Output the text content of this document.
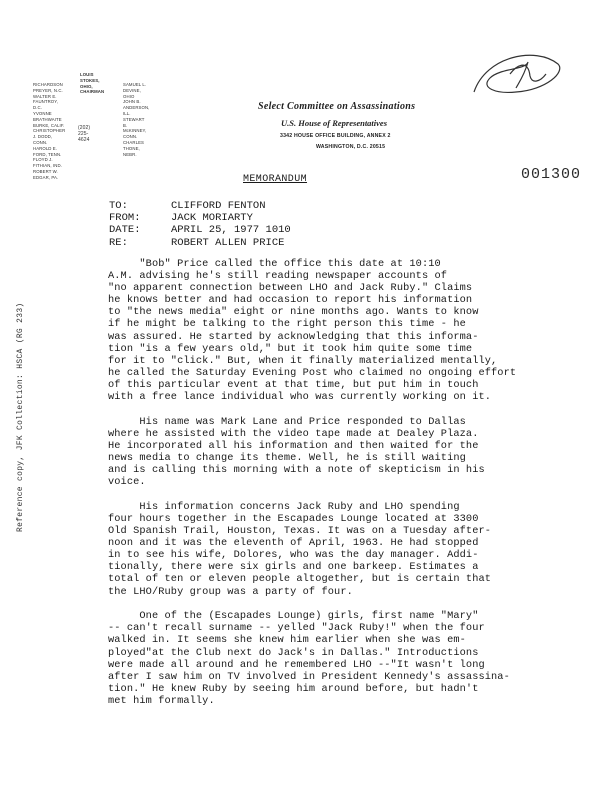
LOUIS STOKES, OHIO, CHAIRMAN
RICHARDSON PREYER, N.C.
WALTER E. FAUNTROY, D.C.
YVONNE BRATHWAITE BURKE, CALIF.
CHRISTOPHER J. DODD, CONN.
HAROLD E. FORD, TENN.
FLOYD J. FITHIAN, IND.
ROBERT W. EDGAR, PA.
SAMUEL L. DEVINE, OHIO
JOHN B. ANDERSON, ILL.
STEWART B. McKINNEY, CONN.
CHARLES THONE, NEBR.
(202) 225-4624
Select Committee on Assassinations
U.S. House of Representatives
3342 HOUSE OFFICE BUILDING, ANNEX 2
WASHINGTON, D.C. 20515
MEMORANDUM	001300
TO:	CLIFFORD FENTON
FROM:	JACK MORIARTY
DATE:	APRIL 25, 1977 1010
RE:	ROBERT ALLEN PRICE
"Bob" Price called the office this date at 10:10
A.M. advising he's still reading newspaper accounts of
"no apparent connection between LHO and Jack Ruby." Claims
he knows better and had occasion to report his information
to "the news media" eight or nine months ago. Wants to know
if he might be talking to the right person this time - he
was assured. He started by acknowledging that this informa-
tion "is a few years old," but it took him quite some time
for it to "click." But, when it finally materialized mentally,
he called the Saturday Evening Post who claimed no ongoing effort
of this particular event at that time, but put him in touch
with a free lance individual who was currently working on it.
His name was Mark Lane and Price responded to Dallas
where he assisted with the video tape made at Dealey Plaza.
He incorporated all his information and then waited for the
news media to change its theme. Well, he is still waiting
and is calling this morning with a note of skepticism in his
voice.
His information concerns Jack Ruby and LHO spending
four hours together in the Escapades Lounge located at 3300
Old Spanish Trail, Houston, Texas. It was on a Tuesday after-
noon and it was the eleventh of April, 1963. He had stopped
in to see his wife, Dolores, who was the day manager. Addi-
tionally, there were six girls and one barkeep. Estimates a
total of ten or eleven people altogether, but is certain that
the LHO/Ruby group was a party of four.
One of the (Escapades Lounge) girls, first name "Mary"
-- can't recall surname -- yelled "Jack Ruby!" when the four
walked in. It seems she knew him earlier when she was em-
ployed"at the Club next do Jack's in Dallas." Introductions
were made all around and he remembered LHO --"It wasn't long
after I saw him on TV involved in President Kennedy's assassina-
tion." He knew Ruby by seeing him around before, but hadn't
met him formally.
Reference copy, JFK Collection: HSCA (RG 233)
